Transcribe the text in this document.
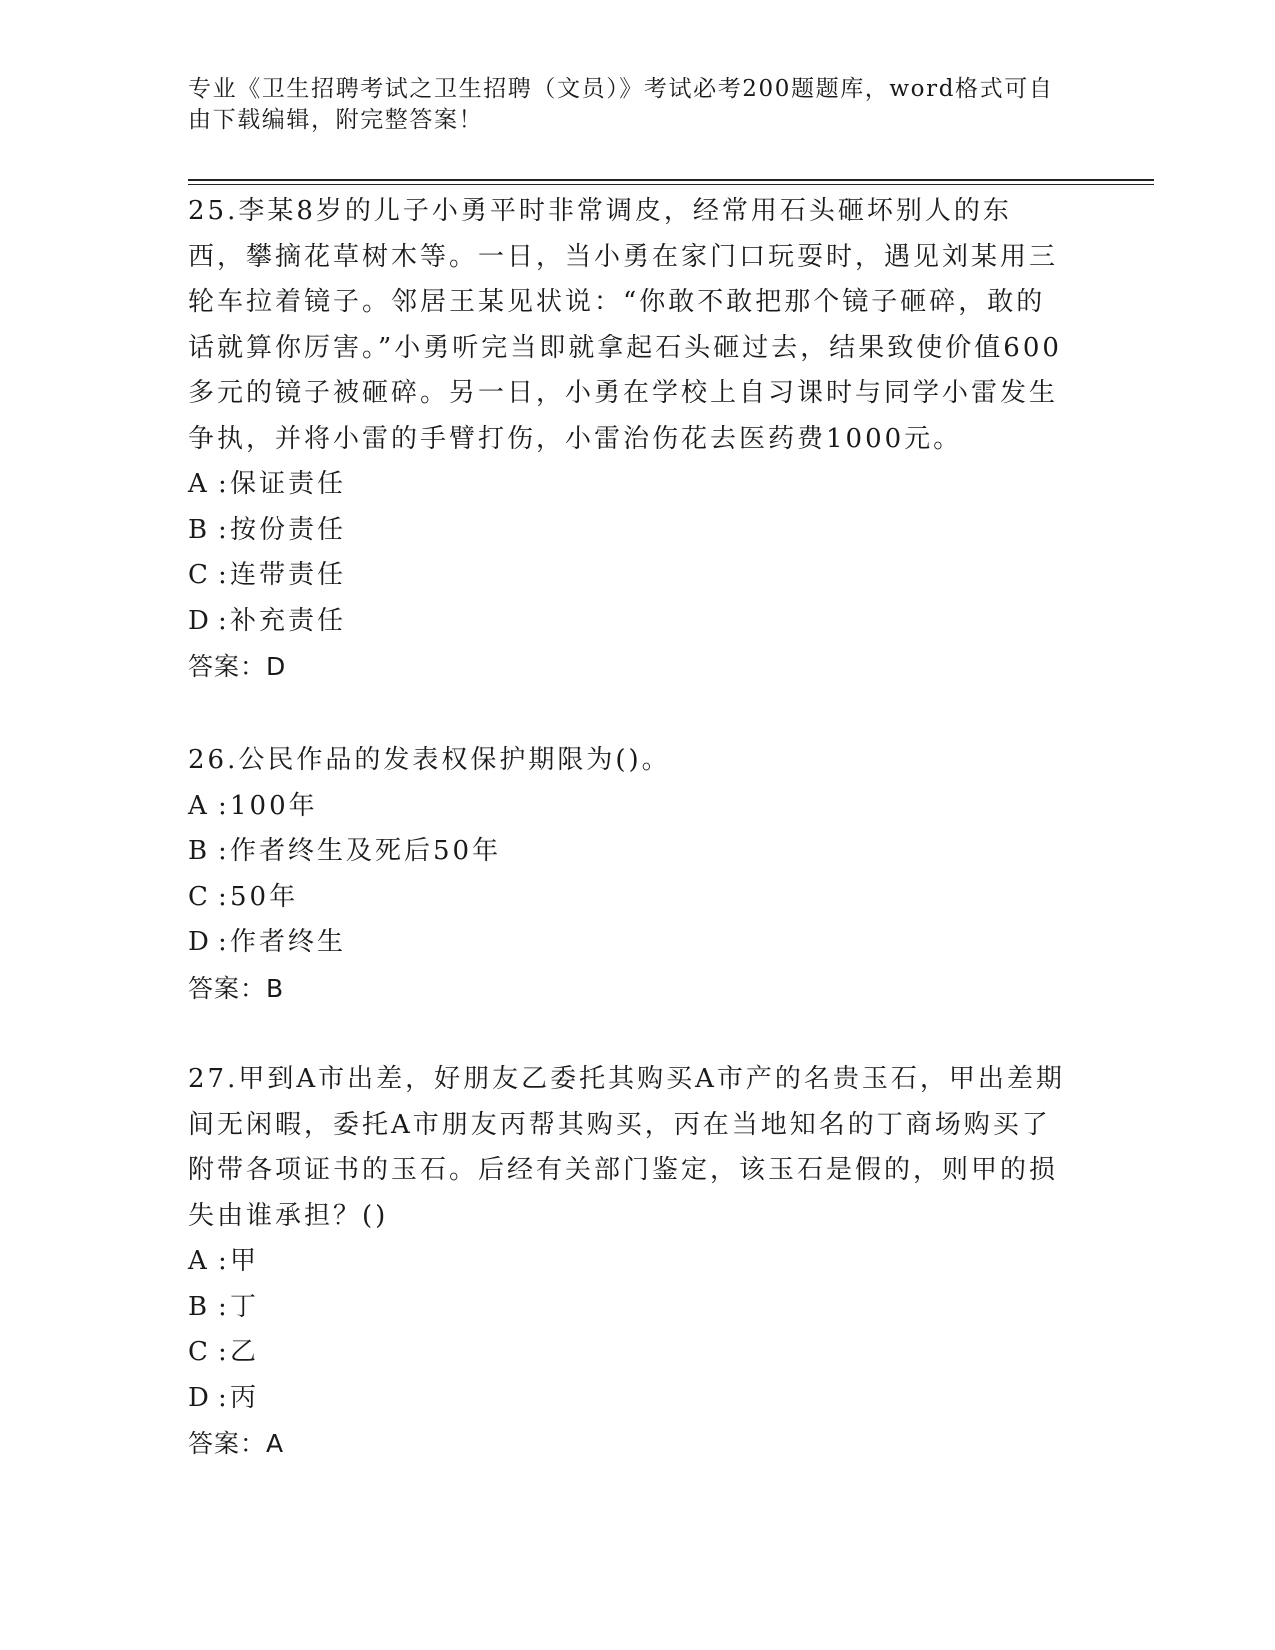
专业《卫生招聘考试之卫生招聘（文员）》考试必考200题题库，word格式可自由下载编辑，附完整答案！

25.李某8岁的儿子小勇平时非常调皮，经常用石头砸坏别人的东西，攀摘花草树木等。一日，当小勇在家门口玩耍时，遇见刘某用三轮车拉着镜子。邻居王某见状说：“你敢不敢把那个镜子砸碎，敢的话就算你厉害。”小勇听完当即就拿起石头砸过去，结果致使价值600多元的镜子被砸碎。另一日，小勇在学校上自习课时与同学小雷发生争执，并将小雷的手臂打伤，小雷治伤花去医药费1000元。

A :保证责任
B :按份责任
C :连带责任
D :补充责任
答案：D

26.公民作品的发表权保护期限为()。

A :100年
B :作者终生及死后50年
C :50年
D :作者终生
答案：B

27.甲到A市出差，好朋友乙委托其购买A市产的名贵玉石，甲出差期间无闲暇，委托A市朋友丙帮其购买，丙在当地知名的丁商场购买了附带各项证书的玉石。后经有关部门鉴定，该玉石是假的，则甲的损失由谁承担？()

A :甲
B :丁
C :乙
D :丙
答案：A
